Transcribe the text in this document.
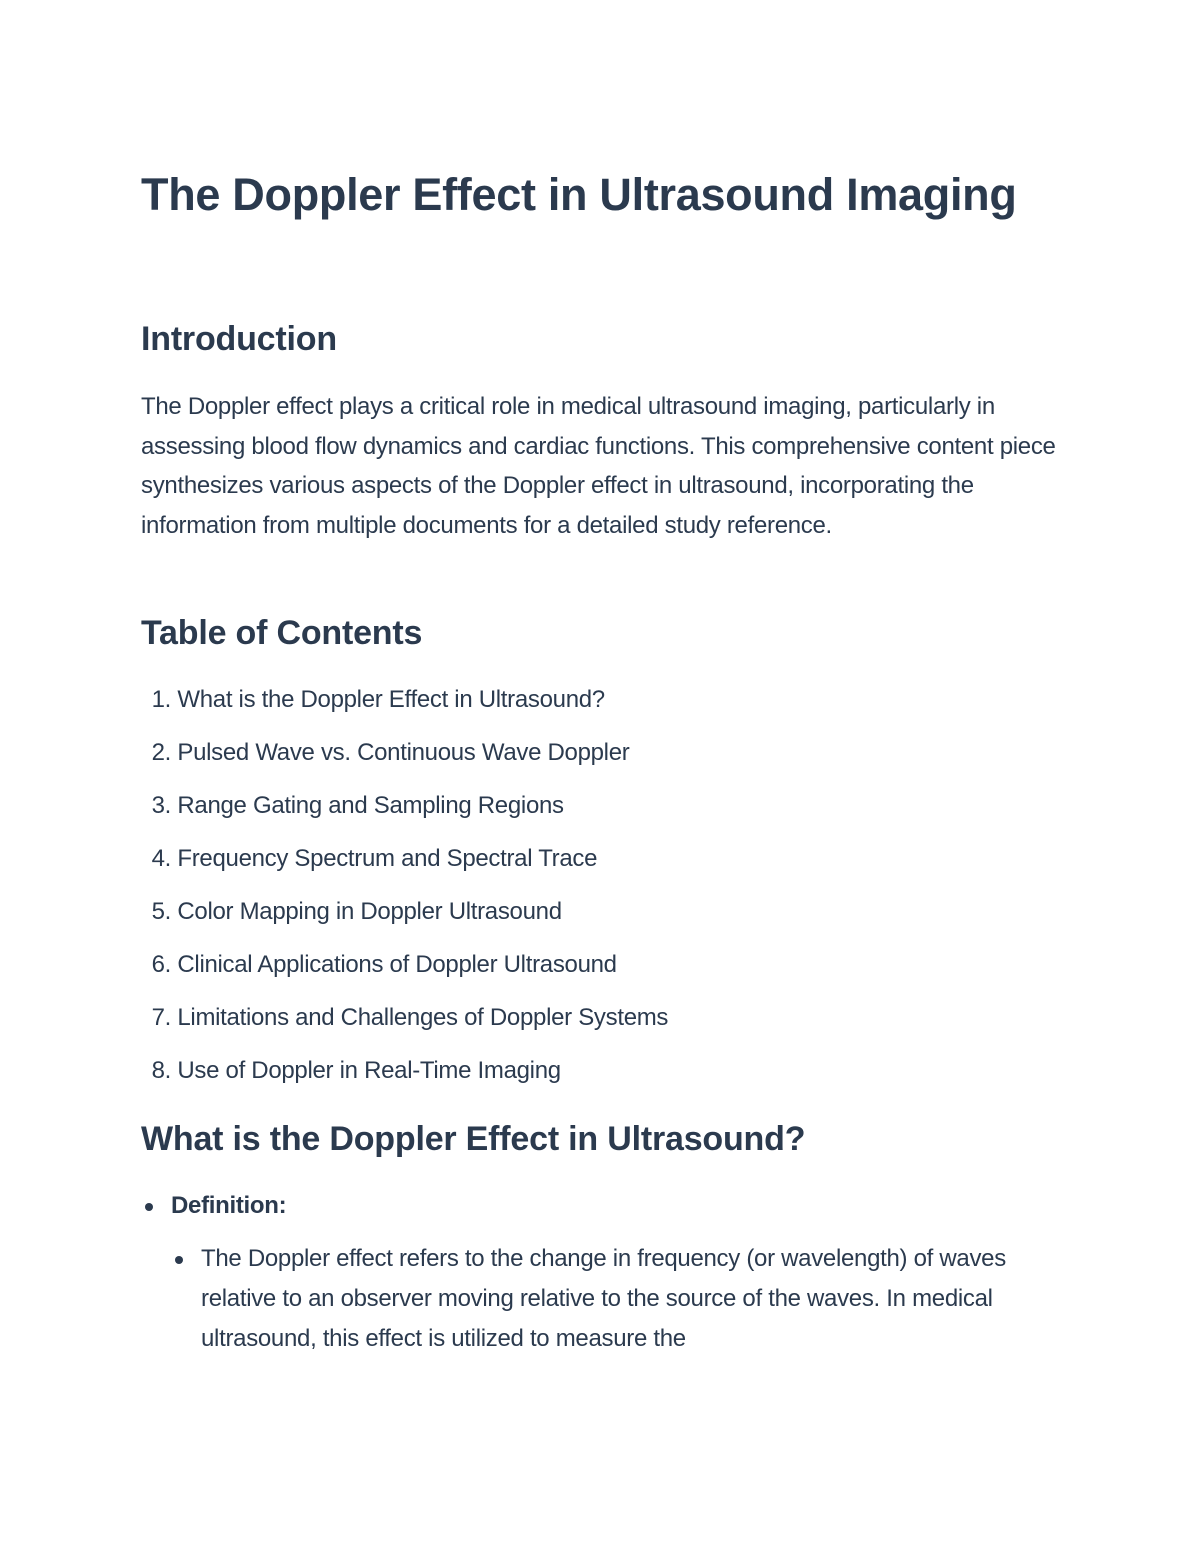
The Doppler Effect in Ultrasound Imaging
Introduction

The Doppler effect plays a critical role in medical ultrasound imaging, particularly in assessing blood flow dynamics and cardiac functions. This comprehensive content piece synthesizes various aspects of the Doppler effect in ultrasound, incorporating the information from multiple documents for a detailed study reference.

Table of Contents
1. What is the Doppler Effect in Ultrasound?
2. Pulsed Wave vs. Continuous Wave Doppler
3. Range Gating and Sampling Regions
4. Frequency Spectrum and Spectral Trace
5. Color Mapping in Doppler Ultrasound
6. Clinical Applications of Doppler Ultrasound
7. Limitations and Challenges of Doppler Systems
8. Use of Doppler in Real-Time Imaging
What is the Doppler Effect in Ultrasound?

Definition:

The Doppler effect refers to the change in frequency (or wavelength) of waves relative to an observer moving relative to the source of the waves. In medical ultrasound, this effect is utilized to measure the
